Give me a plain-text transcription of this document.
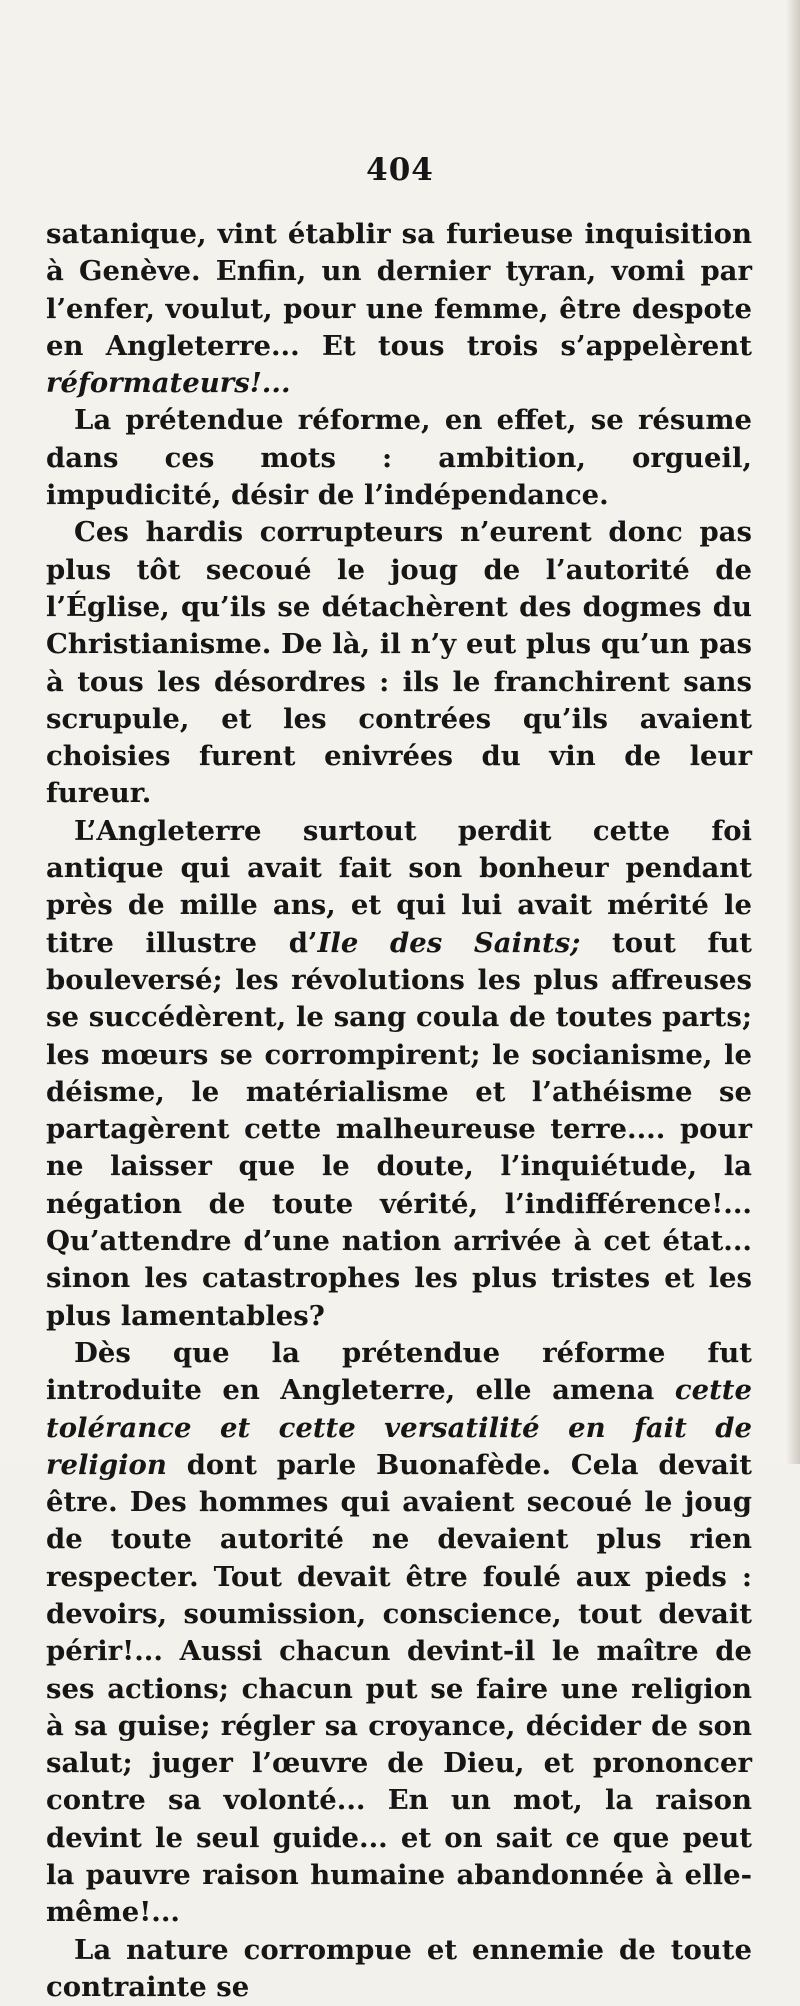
404

satanique, vint établir sa furieuse inquisition à Genève. Enfin, un dernier tyran, vomi par l’enfer, voulut, pour une femme, être despote en Angleterre... Et tous trois s’appelèrent réformateurs!...

La prétendue réforme, en effet, se résume dans ces mots : ambition, orgueil, impudicité, désir de l’indépendance.

Ces hardis corrupteurs n’eurent donc pas plus tôt secoué le joug de l’autorité de l’Église, qu’ils se détachèrent des dogmes du Christianisme. De là, il n’y eut plus qu’un pas à tous les désordres : ils le franchirent sans scrupule, et les contrées qu’ils avaient choisies furent enivrées du vin de leur fureur.

L’Angleterre surtout perdit cette foi antique qui avait fait son bonheur pendant près de mille ans, et qui lui avait mérité le titre illustre d’Ile des Saints; tout fut bouleversé; les révolutions les plus affreuses se succédèrent, le sang coula de toutes parts; les mœurs se corrompirent; le socianisme, le déisme, le matérialisme et l’athéisme se partagèrent cette malheureuse terre.... pour ne laisser que le doute, l’inquiétude, la négation de toute vérité, l’indifférence!... Qu’attendre d’une nation arrivée à cet état... sinon les catastrophes les plus tristes et les plus lamentables?

Dès que la prétendue réforme fut introduite en Angleterre, elle amena cette tolérance et cette versatilité en fait de religion dont parle Buonafède. Cela devait être. Des hommes qui avaient secoué le joug de toute autorité ne devaient plus rien respecter. Tout devait être foulé aux pieds : devoirs, soumission, conscience, tout devait périr!... Aussi chacun devint-il le maître de ses actions; chacun put se faire une religion à sa guise; régler sa croyance, décider de son salut; juger l’œuvre de Dieu, et prononcer contre sa volonté... En un mot, la raison devint le seul guide... et on sait ce que peut la pauvre raison humaine abandonnée à elle-même!...

La nature corrompue et ennemie de toute contrainte se
